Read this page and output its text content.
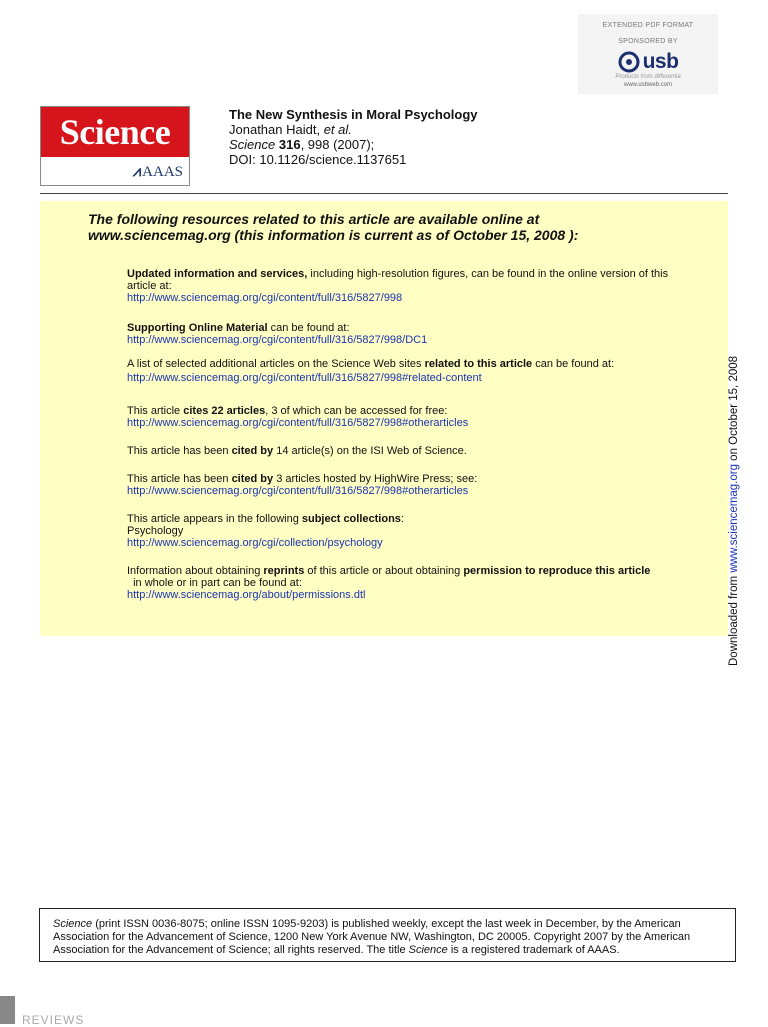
EXTENDED PDF FORMAT
SPONSORED BY
usb
Products from differentia
www.usbweb.com
Science
⩘ AAAS
The New Synthesis in Moral Psychology
Jonathan Haidt, et al.
Science 316, 998 (2007);
DOI: 10.1126/science.1137651
The following resources related to this article are available online at
www.sciencemag.org (this information is current as of October 15, 2008 ):
Updated information and services, including high-resolution figures, can be found in the online version of this article at:
http://www.sciencemag.org/cgi/content/full/316/5827/998
Supporting Online Material can be found at:
http://www.sciencemag.org/cgi/content/full/316/5827/998/DC1
A list of selected additional articles on the Science Web sites related to this article can be found at:
http://www.sciencemag.org/cgi/content/full/316/5827/998#related-content
This article cites 22 articles, 3 of which can be accessed for free:
http://www.sciencemag.org/cgi/content/full/316/5827/998#otherarticles
This article has been cited by 14 article(s) on the ISI Web of Science.
This article has been cited by 3 articles hosted by HighWire Press; see:
http://www.sciencemag.org/cgi/content/full/316/5827/998#otherarticles
This article appears in the following subject collections:
Psychology
http://www.sciencemag.org/cgi/collection/psychology
Information about obtaining reprints of this article or about obtaining permission to reproduce this article  in whole or in part can be found at:
http://www.sciencemag.org/about/permissions.dtl	Downloaded from www.sciencemag.org on October 15, 2008
Science (print ISSN 0036-8075; online ISSN 1095-9203) is published weekly, except the last week in December, by the American Association for the Advancement of Science, 1200 New York Avenue NW, Washington, DC 20005. Copyright 2007 by the American Association for the Advancement of Science; all rights reserved. The title Science is a registered trademark of AAAS.
REVIEWS
